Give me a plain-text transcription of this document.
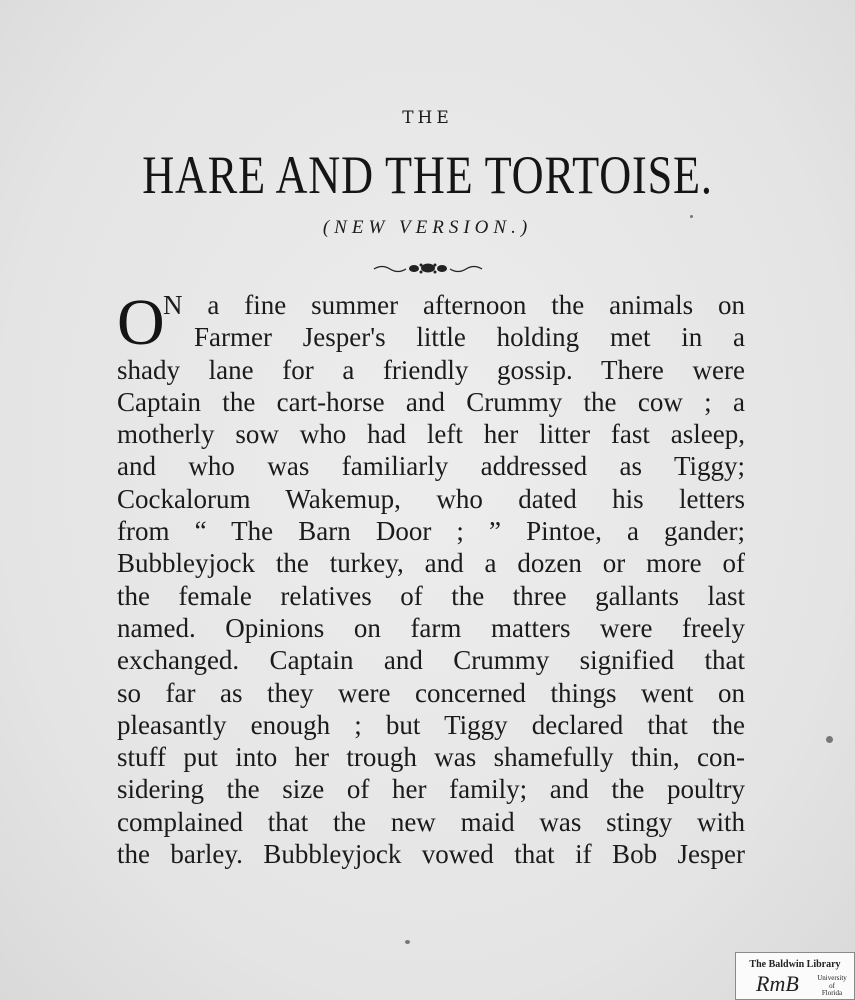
THE
HARE AND THE TORTOISE.
(NEW VERSION.)
O
N a fine summer afternoon the animals on
Farmer Jesper's little holding met in a
shady lane for a friendly gossip. There were
Captain the cart-horse and Crummy the cow ; a
motherly sow who had left her litter fast asleep,
and who was familiarly addressed as Tiggy;
Cockalorum Wakemup, who dated his letters
from “ The Barn Door ; ” Pintoe, a gander;
Bubbleyjock the turkey, and a dozen or more of
the female relatives of the three gallants last
named. Opinions on farm matters were freely
exchanged. Captain and Crummy signified that
so far as they were concerned things went on
pleasantly enough ; but Tiggy declared that the
stuff put into her trough was shamefully thin, con-
sidering the size of her family; and the poultry
complained that the new maid was stingy with
the barley. Bubbleyjock vowed that if Bob Jesper
The Baldwin Library
RmB	University
of
Florida
